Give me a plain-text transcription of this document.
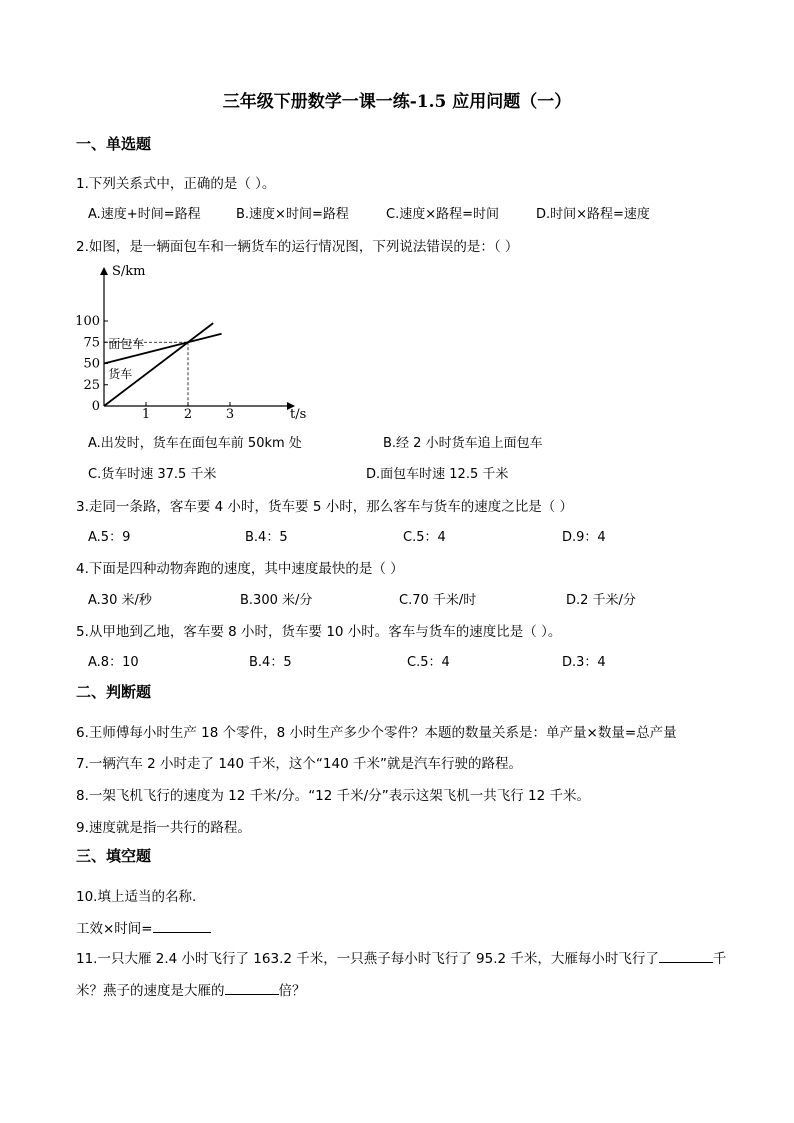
三年级下册数学一课一练-1.5 应用问题（一）
一、单选题
1.下列关系式中，正确的是（ ）。
A.速度+时间=路程	B.速度×时间=路程	C.速度×路程=时间	D.时间×路程=速度
2.如图，是一辆面包车和一辆货车的运行情况图，下列说法错误的是：（ ）
0
25
50
75
100
1	2	3
面包车
货车
S/km
t/s
A.出发时，货车在面包车前 50km 处	B.经 2 小时货车追上面包车
C.货车时速 37.5 千米	D.面包车时速 12.5 千米
3.走同一条路，客车要 4 小时，货车要 5 小时，那么客车与货车的速度之比是（ ）
A.5：9	B.4：5	C.5：4	D.9：4
4.下面是四种动物奔跑的速度，其中速度最快的是（ ）
A.30 米/秒	B.300 米/分	C.70 千米/时	D.2 千米/分
5.从甲地到乙地，客车要 8 小时，货车要 10 小时。客车与货车的速度比是（ ）。
A.8：10	B.4：5	C.5：4	D.3：4
二、判断题
6.王师傅每小时生产 18 个零件，8 小时生产多少个零件？本题的数量关系是：单产量×数量=总产量
7.一辆汽车 2 小时走了 140 千米，这个“140 千米”就是汽车行驶的路程。
8.一架飞机飞行的速度为 12 千米/分。“12 千米/分”表示这架飞机一共飞行 12 千米。
9.速度就是指一共行的路程。
三、填空题
10.填上适当的名称.
工效×时间=
11.一只大雁 2.4 小时飞行了 163.2 千米，一只燕子每小时飞行了 95.2 千米，大雁每小时飞行了	千
米？燕子的速度是大雁的	倍？
